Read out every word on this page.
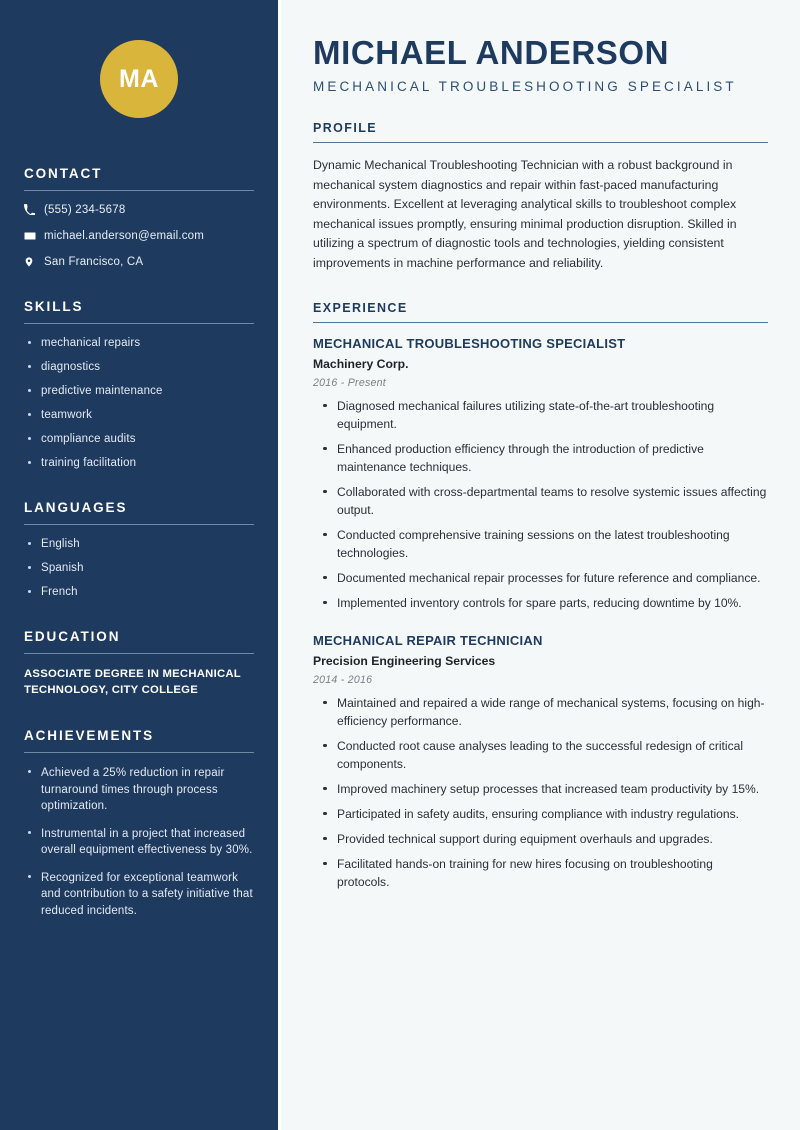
MA
CONTACT
(555) 234-5678
michael.anderson@email.com
San Francisco, CA
SKILLS
mechanical repairs
diagnostics
predictive maintenance
teamwork
compliance audits
training facilitation
LANGUAGES
English
Spanish
French
EDUCATION
ASSOCIATE DEGREE IN MECHANICAL TECHNOLOGY, CITY COLLEGE
ACHIEVEMENTS
Achieved a 25% reduction in repair turnaround times through process optimization.
Instrumental in a project that increased overall equipment effectiveness by 30%.
Recognized for exceptional teamwork and contribution to a safety initiative that reduced incidents.
MICHAEL ANDERSON
MECHANICAL TROUBLESHOOTING SPECIALIST
PROFILE

Dynamic Mechanical Troubleshooting Technician with a robust background in mechanical system diagnostics and repair within fast-paced manufacturing environments. Excellent at leveraging analytical skills to troubleshoot complex mechanical issues promptly, ensuring minimal production disruption. Skilled in utilizing a spectrum of diagnostic tools and technologies, yielding consistent improvements in machine performance and reliability.

EXPERIENCE
MECHANICAL TROUBLESHOOTING SPECIALIST
Machinery Corp.
2016 - Present
Diagnosed mechanical failures utilizing state-of-the-art troubleshooting equipment.
Enhanced production efficiency through the introduction of predictive maintenance techniques.
Collaborated with cross-departmental teams to resolve systemic issues affecting output.
Conducted comprehensive training sessions on the latest troubleshooting technologies.
Documented mechanical repair processes for future reference and compliance.
Implemented inventory controls for spare parts, reducing downtime by 10%.
MECHANICAL REPAIR TECHNICIAN
Precision Engineering Services
2014 - 2016
Maintained and repaired a wide range of mechanical systems, focusing on high-efficiency performance.
Conducted root cause analyses leading to the successful redesign of critical components.
Improved machinery setup processes that increased team productivity by 15%.
Participated in safety audits, ensuring compliance with industry regulations.
Provided technical support during equipment overhauls and upgrades.
Facilitated hands-on training for new hires focusing on troubleshooting protocols.
